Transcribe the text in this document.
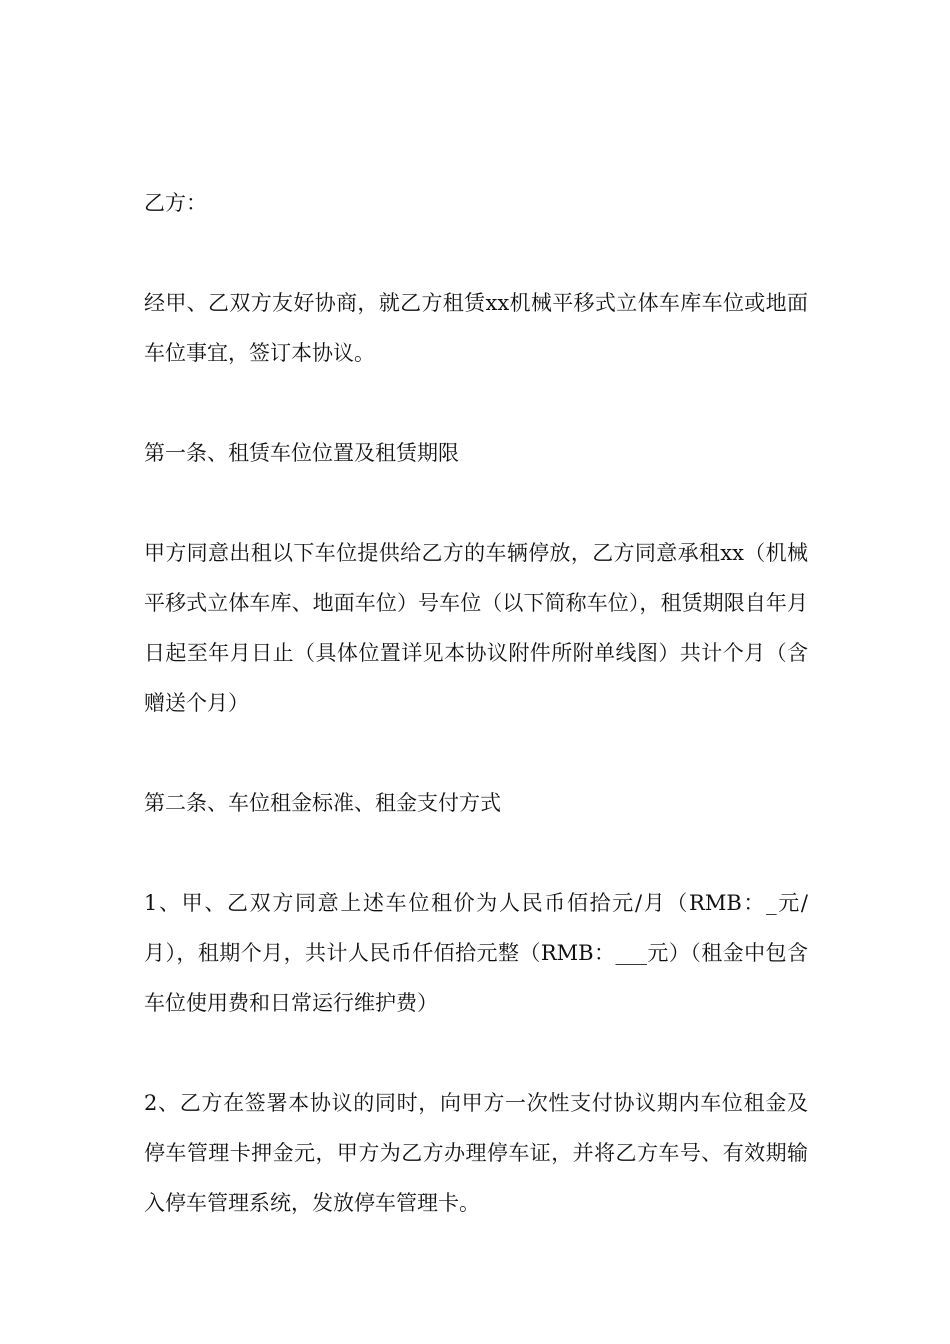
乙方：

经甲、乙双方友好协商，就乙方租赁xx机械平移式立体车库车位或地面车位事宜，签订本协议。

第一条、租赁车位位置及租赁期限

甲方同意出租以下车位提供给乙方的车辆停放，乙方同意承租xx（机械平移式立体车库、地面车位）号车位（以下简称车位），租赁期限自年月日起至年月日止（具体位置详见本协议附件所附单线图）共计个月（含赠送个月）

第二条、车位租金标准、租金支付方式

1、甲、乙双方同意上述车位租价为人民币佰拾元/月（RMB：_元/月），租期个月，共计人民币仟佰拾元整（RMB：___元）（租金中包含车位使用费和日常运行维护费）

2、乙方在签署本协议的同时，向甲方一次性支付协议期内车位租金及停车管理卡押金元，甲方为乙方办理停车证，并将乙方车号、有效期输入停车管理系统，发放停车管理卡。
